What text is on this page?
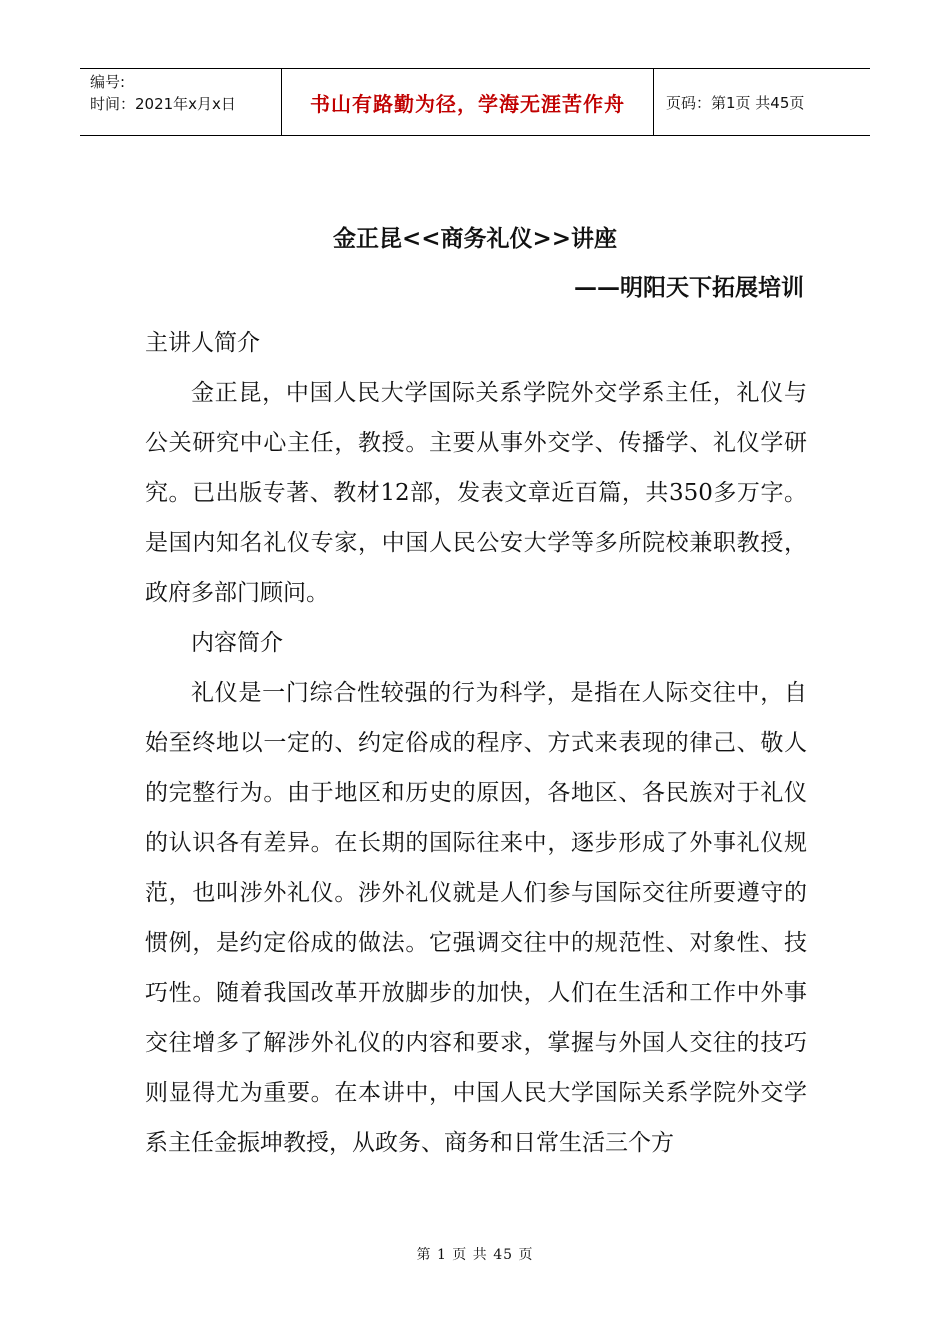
编号:
时间：2021年x月x日	书山有路勤为径，学海无涯苦作舟	页码：第1页 共45页
金正昆<<商务礼仪>>讲座
——明阳天下拓展培训

主讲人简介

金正昆，中国人民大学国际关系学院外交学系主任，礼仪与公关研究中心主任，教授。主要从事外交学、传播学、礼仪学研究。已出版专著、教材12部，发表文章近百篇，共350多万字。是国内知名礼仪专家，中国人民公安大学等多所院校兼职教授，政府多部门顾问。

内容简介

礼仪是一门综合性较强的行为科学，是指在人际交往中，自始至终地以一定的、约定俗成的程序、方式来表现的律己、敬人的完整行为。由于地区和历史的原因，各地区、各民族对于礼仪的认识各有差异。在长期的国际往来中，逐步形成了外事礼仪规范，也叫涉外礼仪。涉外礼仪就是人们参与国际交往所要遵守的惯例，是约定俗成的做法。它强调交往中的规范性、对象性、技巧性。随着我国改革开放脚步的加快，人们在生活和工作中外事交往增多了解涉外礼仪的内容和要求，掌握与外国人交往的技巧则显得尤为重要。在本讲中，中国人民大学国际关系学院外交学系主任金振坤教授，从政务、商务和日常生活三个方

第 1 页 共 45 页
